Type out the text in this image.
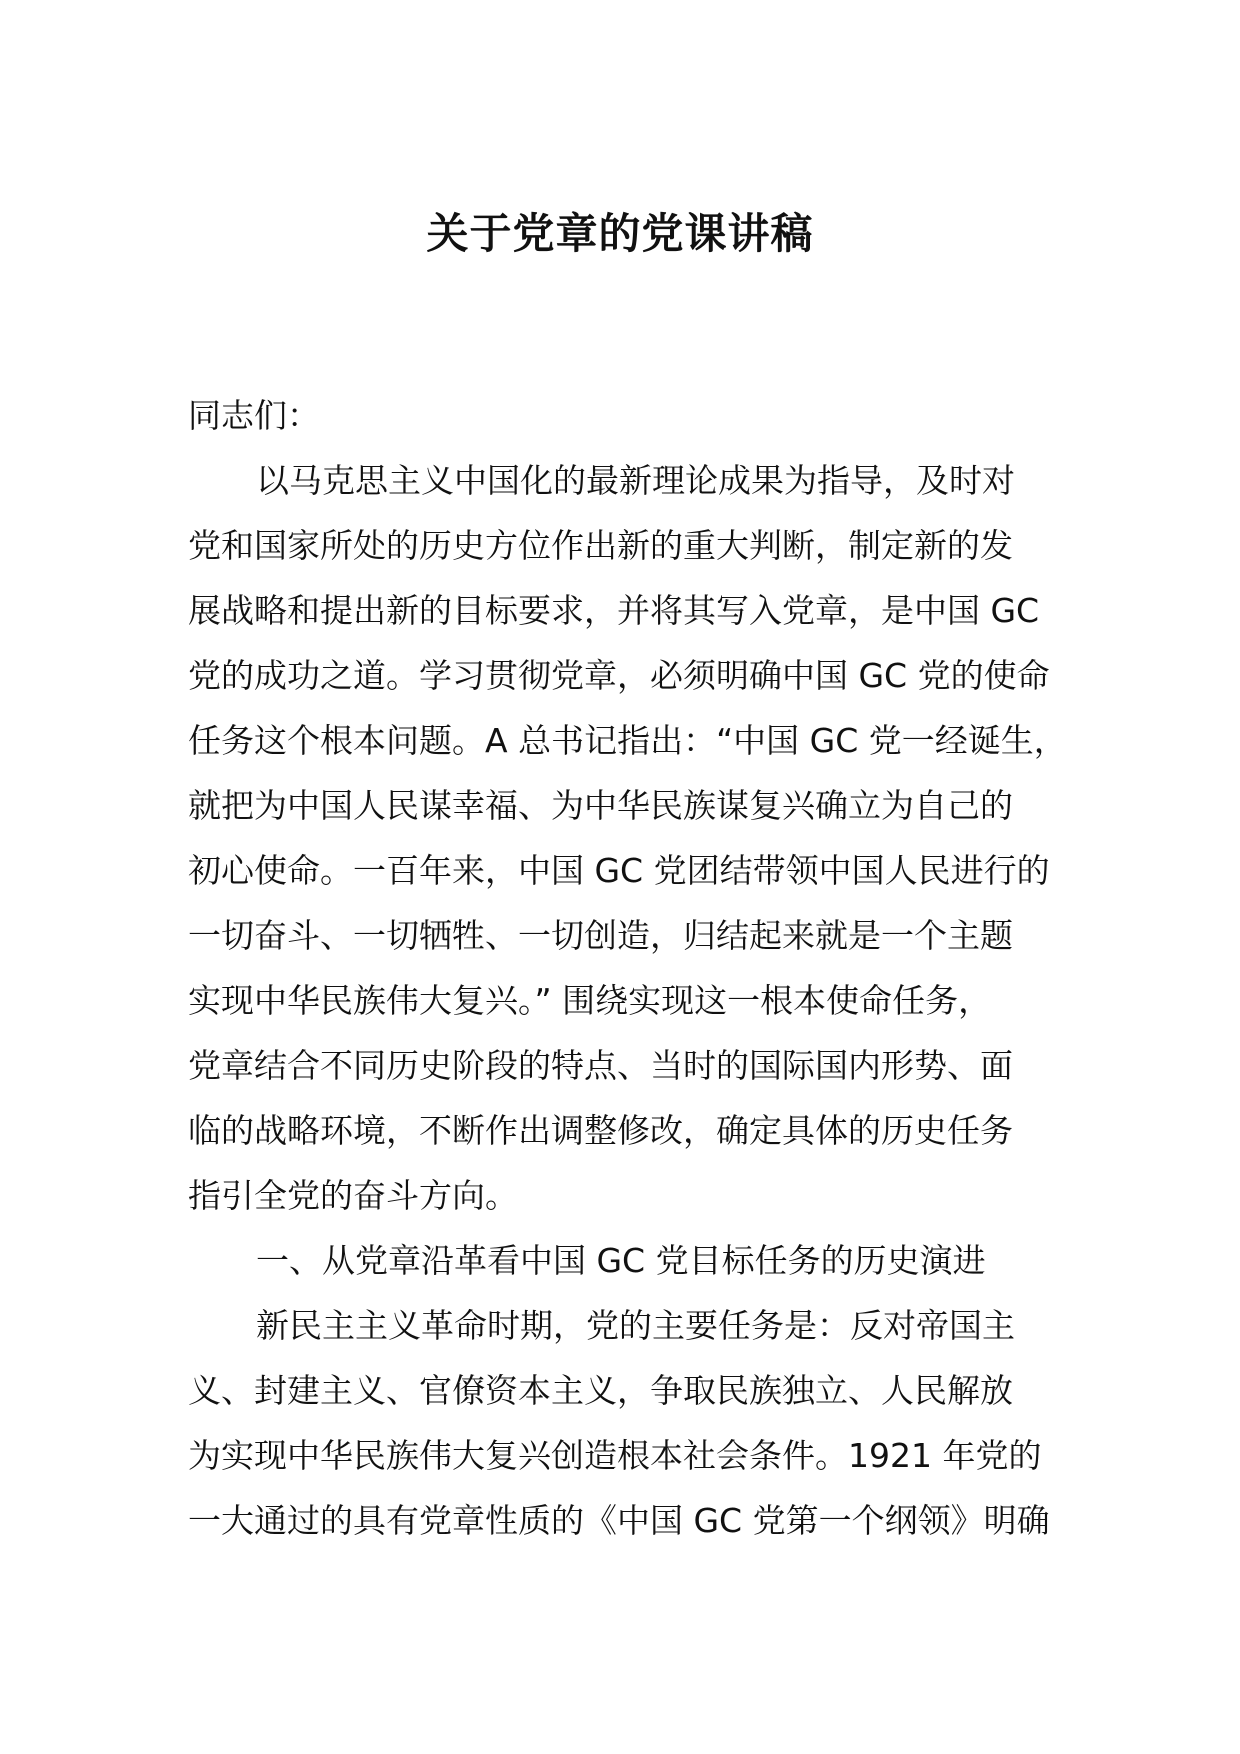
关于党章的党课讲稿

同志们：

以马克思主义中国化的最新理论成果为指导，及时对

党和国家所处的历史方位作出新的重大判断，制定新的发

展战略和提出新的目标要求，并将其写入党章，是中国 GC

党的成功之道。学习贯彻党章，必须明确中国 GC 党的使命

任务这个根本问题。A 总书记指出：“中国 GC 党一经诞生，

就把为中国人民谋幸福、为中华民族谋复兴确立为自己的

初心使命。一百年来，中国 GC 党团结带领中国人民进行的

一切奋斗、一切牺牲、一切创造，归结起来就是一个主题

实现中华民族伟大复兴。” 围绕实现这一根本使命任务，

党章结合不同历史阶段的特点、当时的国际国内形势、面

临的战略环境，不断作出调整修改，确定具体的历史任务

指引全党的奋斗方向。

一、从党章沿革看中国 GC 党目标任务的历史演进

新民主主义革命时期，党的主要任务是：反对帝国主

义、封建主义、官僚资本主义，争取民族独立、人民解放

为实现中华民族伟大复兴创造根本社会条件。1921 年党的

一大通过的具有党章性质的《中国 GC 党第一个纲领》明确
